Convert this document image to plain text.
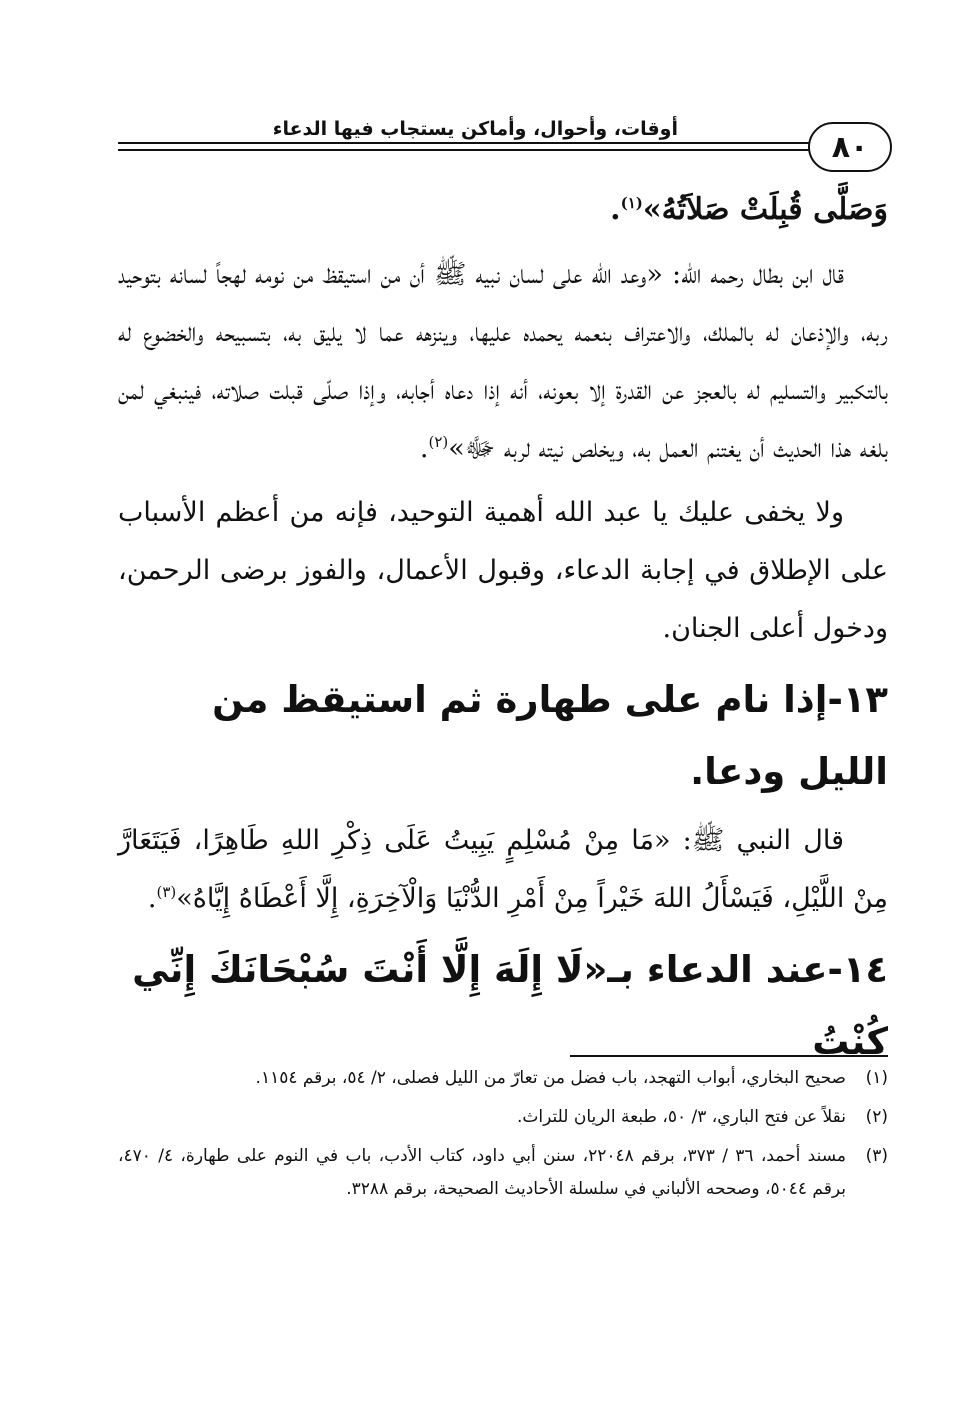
أوقات، وأحوال، وأماكن يستجاب فيها الدعاء
٨٠

وَصَلَّى قُبِلَتْ صَلاَتُهُ»$^{(١)}$.

قال ابن بطال رحمه الله: «وعد الله على لسان نبيه ﷺ أن من استيقظ من نومه لهجاً لسانه بتوحيد ربه، والإذعان له بالملك، والاعتراف بنعمه يحمده عليها، وينزهه عما لا يليق به، بتسبيحه والخضوع له بالتكبير والتسليم له بالعجز عن القدرة إلا بعونه، أنه إذا دعاه أجابه، وإذا صلّى قبلت صلاته، فينبغي لمن بلغه هذا الحديث أن يغتنم العمل به، ويخلص نيته لربه ﷻ»$^{(٢)}$.

ولا يخفى عليك يا عبد الله أهمية التوحيد، فإنه من أعظم الأسباب على الإطلاق في إجابة الدعاء، وقبول الأعمال، والفوز برضى الرحمن، ودخول أعلى الجنان.

١٣-إذا نام على طهارة ثم استيقظ من الليل ودعا.

قال النبي ﷺ: «مَا مِنْ مُسْلِمٍ يَبِيتُ عَلَى ذِكْرِ اللهِ طَاهِرًا، فَيَتَعَارَّ مِنْ اللَّيْلِ، فَيَسْأَلُ اللهَ خَيْراً مِنْ أَمْرِ الدُّنْيَا وَالْآخِرَةِ، إِلَّا أَعْطَاهُ إِيَّاهُ»$^{(٣)}$.

١٤-عند الدعاء بـ«لَا إِلَهَ إِلَّا أَنْتَ سُبْحَانَكَ إِنِّي كُنْتُ
(١)
صحيح البخاري، أبواب التهجد، باب فضل من تعارّ من الليل فصلى، ٢/ ٥٤، برقم ١١٥٤.
(٢)
نقلاً عن فتح الباري، ٣/ ٥٠، طبعة الريان للتراث.
(٣)
مسند أحمد، ٣٦ / ٣٧٣، برقم ٢٢٠٤٨، سنن أبي داود، كتاب الأدب، باب في النوم على طهارة، ٤/ ٤٧٠، برقم ٥٠٤٤، وصححه الألباني في سلسلة الأحاديث الصحيحة، برقم ٣٢٨٨.
